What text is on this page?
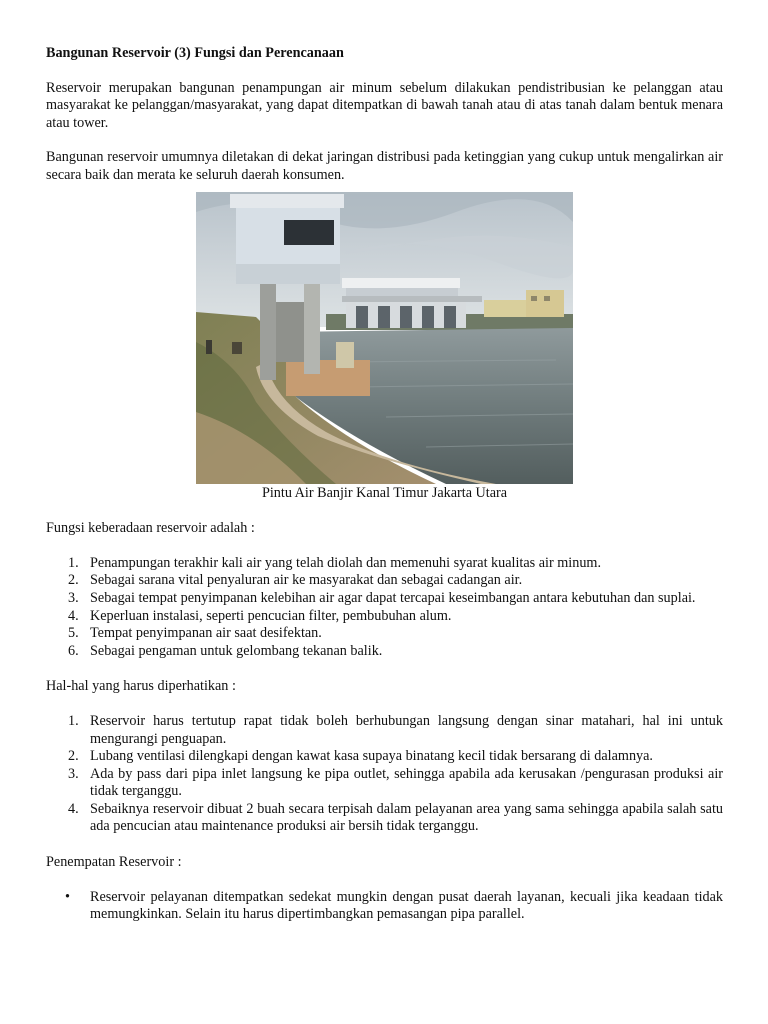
Bangunan Reservoir (3) Fungsi dan Perencanaan

Reservoir merupakan bangunan penampungan air minum sebelum dilakukan pendistribusian ke pelanggan atau masyarakat ke pelanggan/masyarakat, yang dapat ditempatkan di bawah tanah atau di atas tanah dalam bentuk menara atau tower.

Bangunan reservoir umumnya diletakan di dekat jaringan distribusi pada ketinggian yang cukup untuk mengalirkan air secara baik dan merata ke seluruh daerah konsumen.

Pintu Air Banjir Kanal Timur Jakarta Utara

Fungsi keberadaan reservoir adalah :

1. Penampungan terakhir kali air yang telah diolah dan memenuhi syarat kualitas air minum.
2. Sebagai sarana vital penyaluran air ke masyarakat dan sebagai cadangan air.
3. Sebagai tempat penyimpanan kelebihan air agar dapat tercapai keseimbangan antara kebutuhan dan suplai.
4. Keperluan instalasi, seperti pencucian filter, pembubuhan alum.
5. Tempat penyimpanan air saat desifektan.
6. Sebagai pengaman untuk gelombang tekanan balik.

Hal-hal yang harus diperhatikan :

1. Reservoir harus tertutup rapat tidak boleh berhubungan langsung dengan sinar matahari, hal ini untuk mengurangi penguapan.
2. Lubang ventilasi dilengkapi dengan kawat kasa supaya binatang kecil tidak bersarang di dalamnya.
3. Ada by pass dari pipa inlet langsung ke pipa outlet, sehingga apabila ada kerusakan /pengurasan produksi air tidak terganggu.
4. Sebaiknya reservoir dibuat 2 buah secara terpisah dalam pelayanan area yang sama sehingga apabila salah satu ada pencucian atau maintenance produksi air bersih tidak terganggu.

Penempatan Reservoir :

• Reservoir pelayanan ditempatkan sedekat mungkin dengan pusat daerah layanan, kecuali jika keadaan tidak memungkinkan. Selain itu harus dipertimbangkan pemasangan pipa parallel.
